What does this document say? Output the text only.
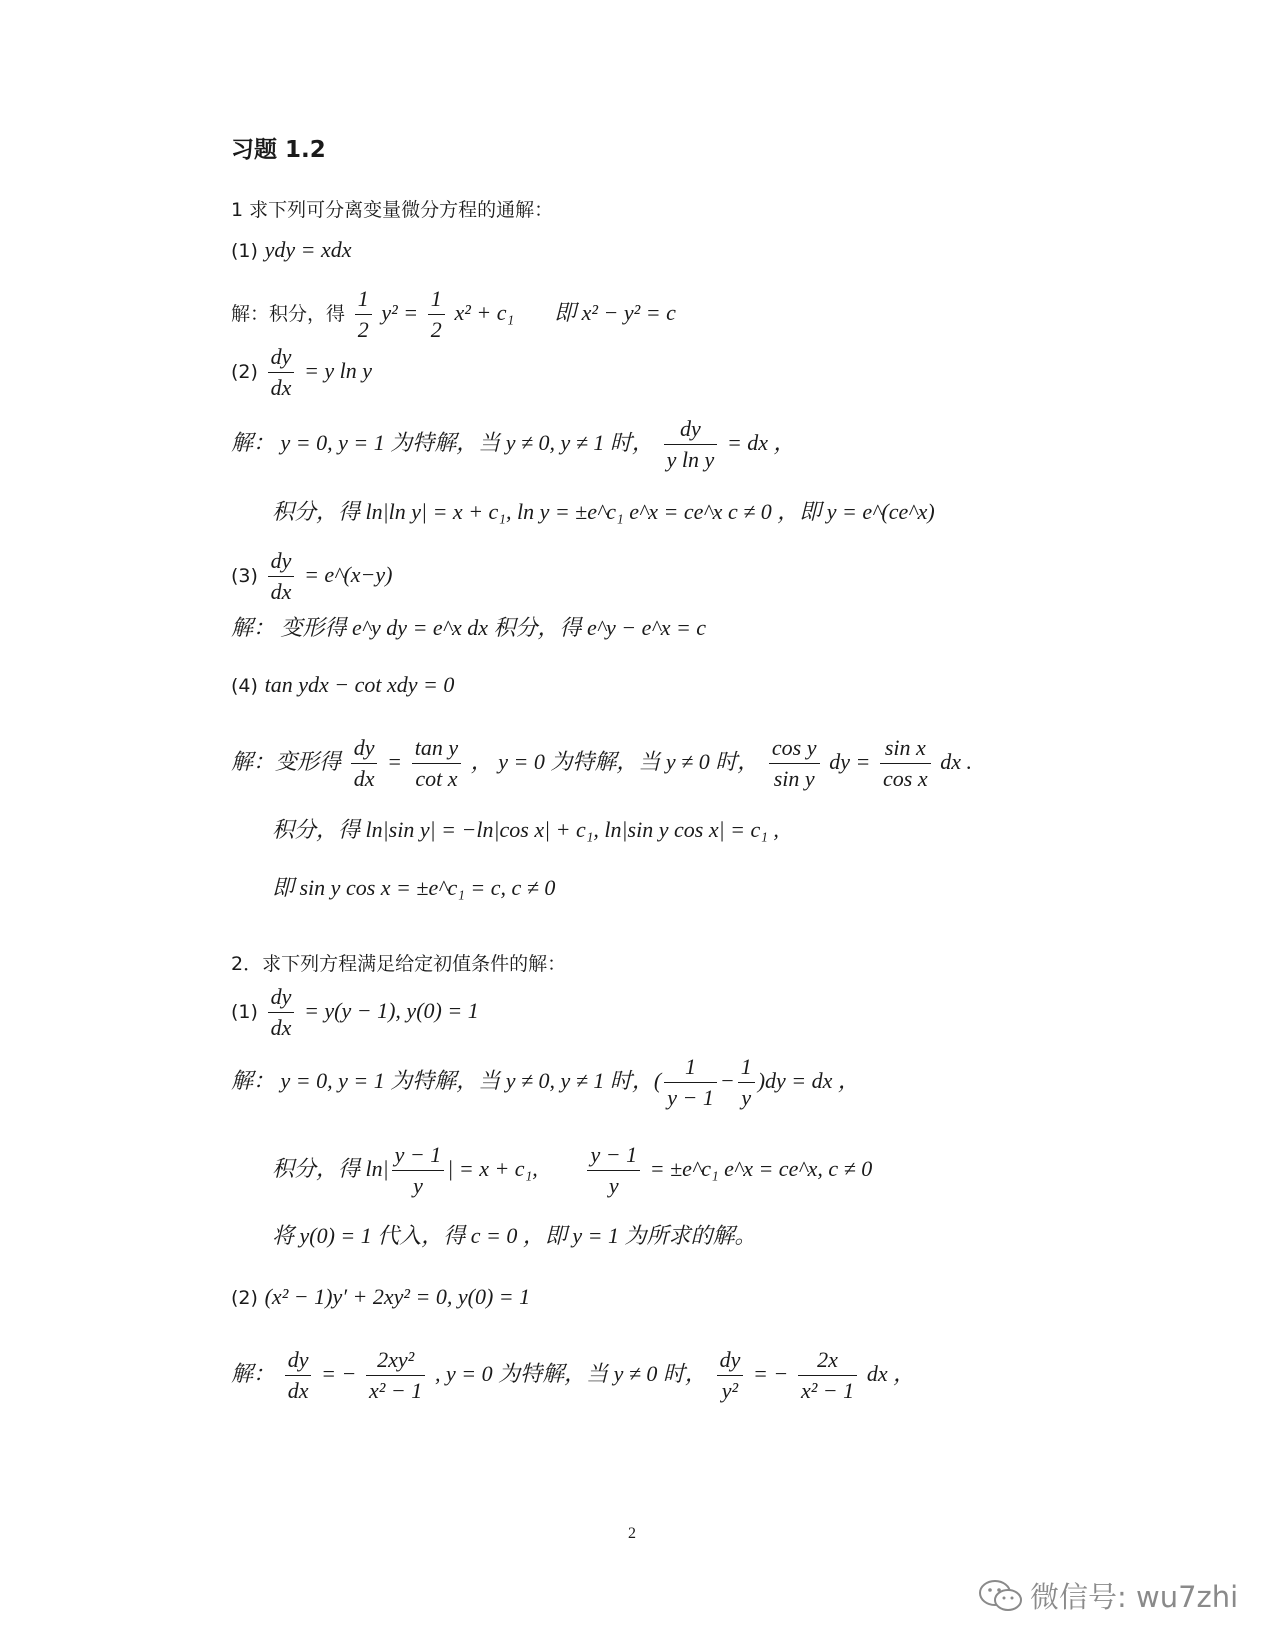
习题 1.2
1 求下列可分离变量微分方程的通解：
(1) ydy = xdx
解：积分，得 $\frac{1}{2} y^2 = \frac{1}{2} x^2 + c_1$ 即 x² − y² = c
$(2) \frac{dy}{dx} = y$ ln y
解： y = 0, y = 1 为特解，当 y ≠ 0, y ≠ 1 时， $\frac{dy}{\text{y ln y}}$ = dx ，
积分，得 ln|ln y| = x + c₁, ln y = ±e^c₁ e^x = ce^x c ≠ 0 ，即 y = e^(ce^x)
$(3) \frac{dy}{dx}$ = e^(x−y)
解： 变形得 e^y dy = e^x dx 积分，得 e^y − e^x = c
(4) tan ydx − cot xdy = 0
解：变形得 $\frac{dy}{dx} = \frac{\text{tan y}}{\text{cot x}}$ ， y = 0 为特解，当 y ≠ 0 时， $\frac{\text{cos y}}{\text{sin y}}$ dy = $\frac{\text{sin x}}{\text{cos x}}$ dx .
积分，得 ln|sin y| = −ln|cos x| + c₁, ln|sin y cos x| = c₁ ,
即 sin y cos x = ±e^c₁ = c, c ≠ 0
2．求下列方程满足给定初值条件的解：
$(1) \frac{dy}{dx} = y(y - 1)$, y(0) = 1
解： y = 0, y = 1 为特解，当 y ≠ 0, y ≠ 1 时，( $\frac{1}{y - 1} - \frac{1}{y} )dy$ = dx ，
积分，得 $\ln| \frac{y - 1}{y}$ | = x + c₁, $\frac{y - 1}{y}$ = ±e^c₁ e^x = ce^x, c ≠ 0
将 y(0) = 1 代入，得 c = 0 ，即 y = 1 为所求的解。
(2) (x² − 1)y′ + 2xy² = 0, y(0) = 1
解： $\frac{dy}{dx}$ = − $\frac{\text{2xy²}}{\text{x² − 1}}$ , y = 0 为特解，当 y ≠ 0 时， $\frac{dy}{\text{y²}}$ = − $\frac{2x}{\text{x² − 1}}$ dx ，
2
微信号: wu7zhi
